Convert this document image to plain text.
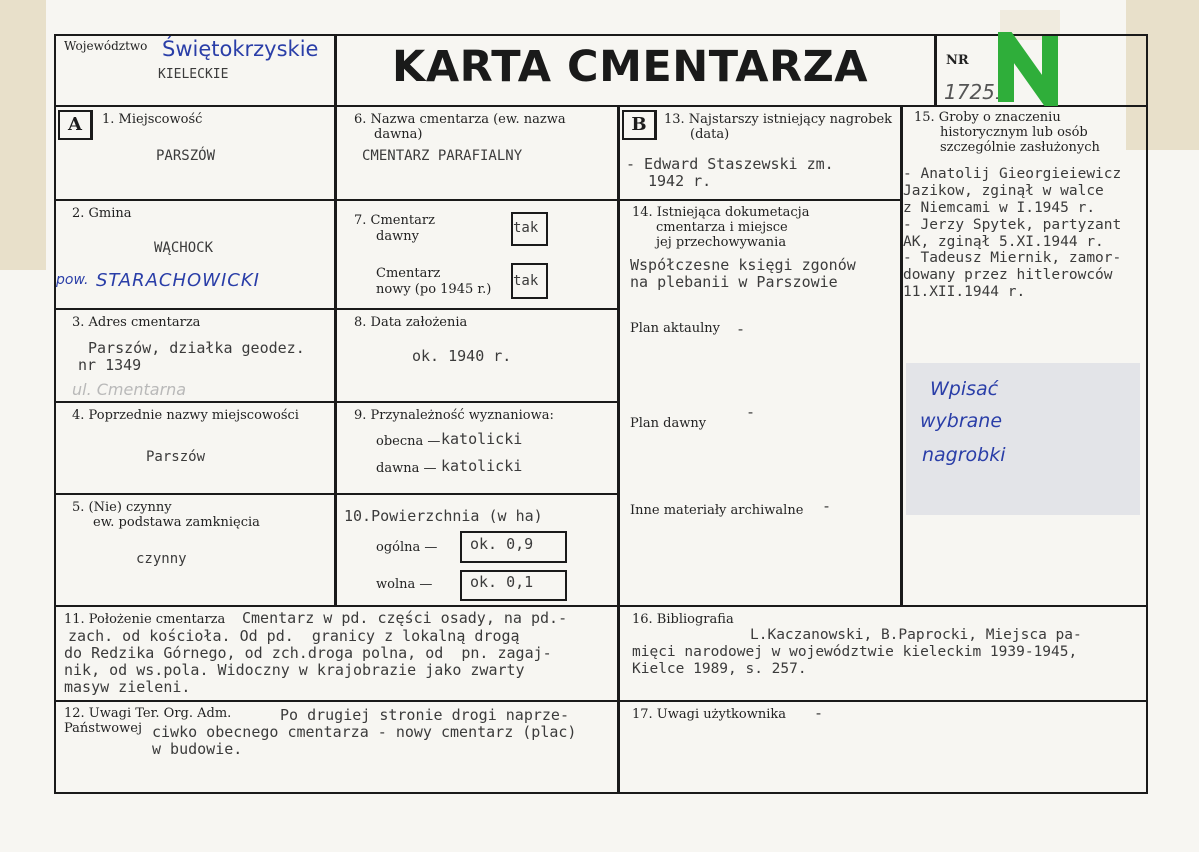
Województwo Świętokrzyskie
KIELECKIE	KARTA CMENTARZA	NR
17251
A	B
1. Miejscowość
PARSZÓW
2. Gmina
WĄCHOCK
pow. STARACHOWICKI
3. Adres cmentarza
Parszów, działka geodez.
nr 1349
ul. Cmentarna
4. Poprzednie nazwy miejscowości
Parszów
5. (Nie) czynny
ew. podstawa zamknięcia
czynny
6. Nazwa cmentarza (ew. nazwa
dawna)
CMENTARZ PARAFIALNY
7. Cmentarz
dawny
tak
Cmentarz
nowy (po 1945 r.)
tak
8. Data założenia
ok. 1940 r.
9. Przynależność wyznaniowa:
obecna — katolicki
dawna — katolicki
10.Powierzchnia (w ha)
ogólna — ok. 0,9
wolna —	ok. 0,1
13. Najstarszy istniejący nagrobek
(data)
- Edward Staszewski zm.
1942 r.
14. Istniejąca dokumetacja
cmentarza i miejsce
jej przechowywania
Współczesne księgi zgonów
na plebanii w Parszowie
Plan aktaulny -
Plan dawny
-
Inne materiały archiwalne -
15. Groby o znaczeniu
historycznym lub osób
szczególnie zasłużonych
- Anatolij Gieorgieiewicz
Jazikow, zginął w walce
z Niemcami w I.1945 r.
- Jerzy Spytek, partyzant
AK, zginął 5.XI.1944 r.
- Tadeusz Miernik, zamor-
dowany przez hitlerowców
11.XII.1944 r.
Wpisać
wybrane
nagrobki
11. Położenie cmentarza Cmentarz w pd. części osady, na pd.-
zach. od kościoła. Od pd.  granicy z lokalną drogą
do Redzika Górnego, od zch.droga polna, od  pn. zagaj-
nik, od ws.pola. Widoczny w krajobrazie jako zwarty
masyw zieleni.
12. Uwagi Ter. Org. Adm.
Państwowej
Po drugiej stronie drogi naprze-
ciwko obecnego cmentarza - nowy cmentarz (plac)
w budowie.
16. Bibliografia
L.Kaczanowski, B.Paprocki, Miejsca pa-
mięci narodowej w województwie kieleckim 1939-1945,
Kielce 1989, s. 257.
17. Uwagi użytkownika -
